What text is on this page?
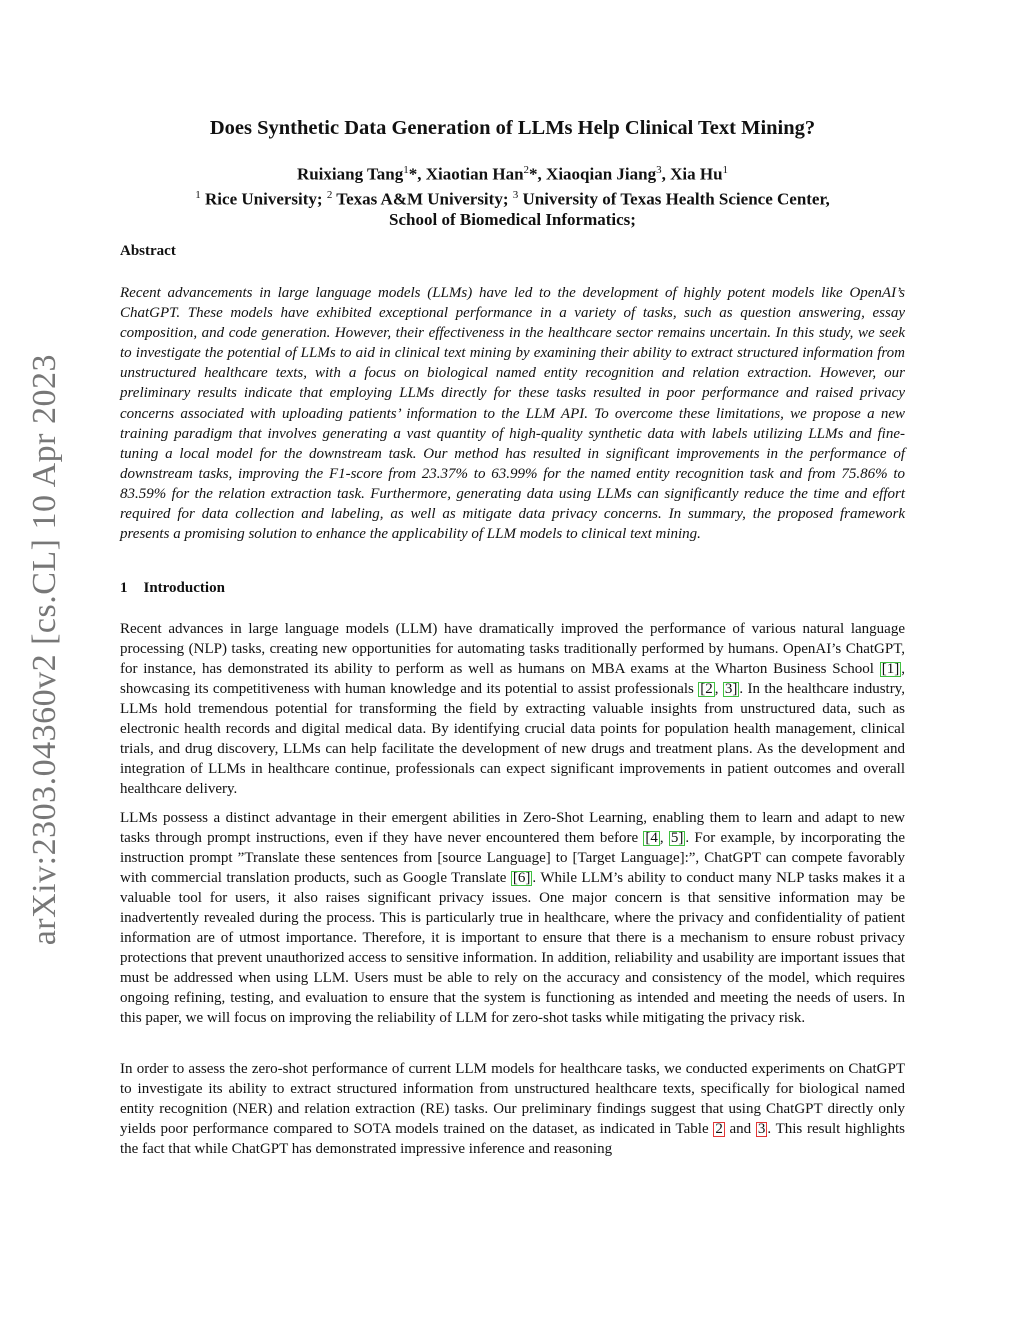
arXiv:2303.04360v2 [cs.CL] 10 Apr 2023
Does Synthetic Data Generation of LLMs Help Clinical Text Mining?
Ruixiang Tang$^1$*, Xiaotian Han$^2$*, Xiaoqian Jiang$^3$, Xia Hu$^1$
$^1$ Rice University; $^2$ Texas A&M University; $^3$ University of Texas Health Science Center,
School of Biomedical Informatics;
Abstract

Recent advancements in large language models (LLMs) have led to the development of highly potent models like OpenAI’s ChatGPT. These models have exhibited exceptional performance in a variety of tasks, such as question answering, essay composition, and code generation. However, their effectiveness in the healthcare sector remains uncertain. In this study, we seek to investigate the potential of LLMs to aid in clinical text mining by examining their ability to extract structured information from unstructured healthcare texts, with a focus on biological named entity recognition and relation extraction. However, our preliminary results indicate that employing LLMs directly for these tasks resulted in poor performance and raised privacy concerns associated with uploading patients’ information to the LLM API. To overcome these limitations, we propose a new training paradigm that involves generating a vast quantity of high-quality synthetic data with labels utilizing LLMs and fine-tuning a local model for the downstream task. Our method has resulted in significant improvements in the performance of downstream tasks, improving the F1-score from 23.37% to 63.99% for the named entity recognition task and from 75.86% to 83.59% for the relation extraction task. Furthermore, generating data using LLMs can significantly reduce the time and effort required for data collection and labeling, as well as mitigate data privacy concerns. In summary, the proposed framework presents a promising solution to enhance the applicability of LLM models to clinical text mining.

1 Introduction

Recent advances in large language models (LLM) have dramatically improved the performance of various natural language processing (NLP) tasks, creating new opportunities for automating tasks traditionally performed by humans. OpenAI’s ChatGPT, for instance, has demonstrated its ability to perform as well as humans on MBA exams at the Wharton Business School [1] , showcasing its competitiveness with human knowledge and its potential to assist professionals [2 , 3] . In the healthcare industry, LLMs hold tremendous potential for transforming the field by extracting valuable insights from unstructured data, such as electronic health records and digital medical data. By identifying crucial data points for population health management, clinical trials, and drug discovery, LLMs can help facilitate the development of new drugs and treatment plans. As the development and integration of LLMs in healthcare continue, professionals can expect significant improvements in patient outcomes and overall healthcare delivery.

LLMs possess a distinct advantage in their emergent abilities in Zero-Shot Learning, enabling them to learn and adapt to new tasks through prompt instructions, even if they have never encountered them before [4 , 5] . For example, by incorporating the instruction prompt ”Translate these sentences from [source Language] to [Target Language]:”, ChatGPT can compete favorably with commercial translation products, such as Google Translate [6] . While LLM’s ability to conduct many NLP tasks makes it a valuable tool for users, it also raises significant privacy issues. One major concern is that sensitive information may be inadvertently revealed during the process. This is particularly true in healthcare, where the privacy and confidentiality of patient information are of utmost importance. Therefore, it is important to ensure that there is a mechanism to ensure robust privacy protections that prevent unauthorized access to sensitive information. In addition, reliability and usability are important issues that must be addressed when using LLM. Users must be able to rely on the accuracy and consistency of the model, which requires ongoing refining, testing, and evaluation to ensure that the system is functioning as intended and meeting the needs of users. In this paper, we will focus on improving the reliability of LLM for zero-shot tasks while mitigating the privacy risk.

In order to assess the zero-shot performance of current LLM models for healthcare tasks, we conducted experiments on ChatGPT to investigate its ability to extract structured information from unstructured healthcare texts, specifically for biological named entity recognition (NER) and relation extraction (RE) tasks. Our preliminary findings suggest that using ChatGPT directly only yields poor performance compared to SOTA models trained on the dataset, as indicated in Table 2 and 3 . This result highlights the fact that while ChatGPT has demonstrated impressive inference and reasoning
